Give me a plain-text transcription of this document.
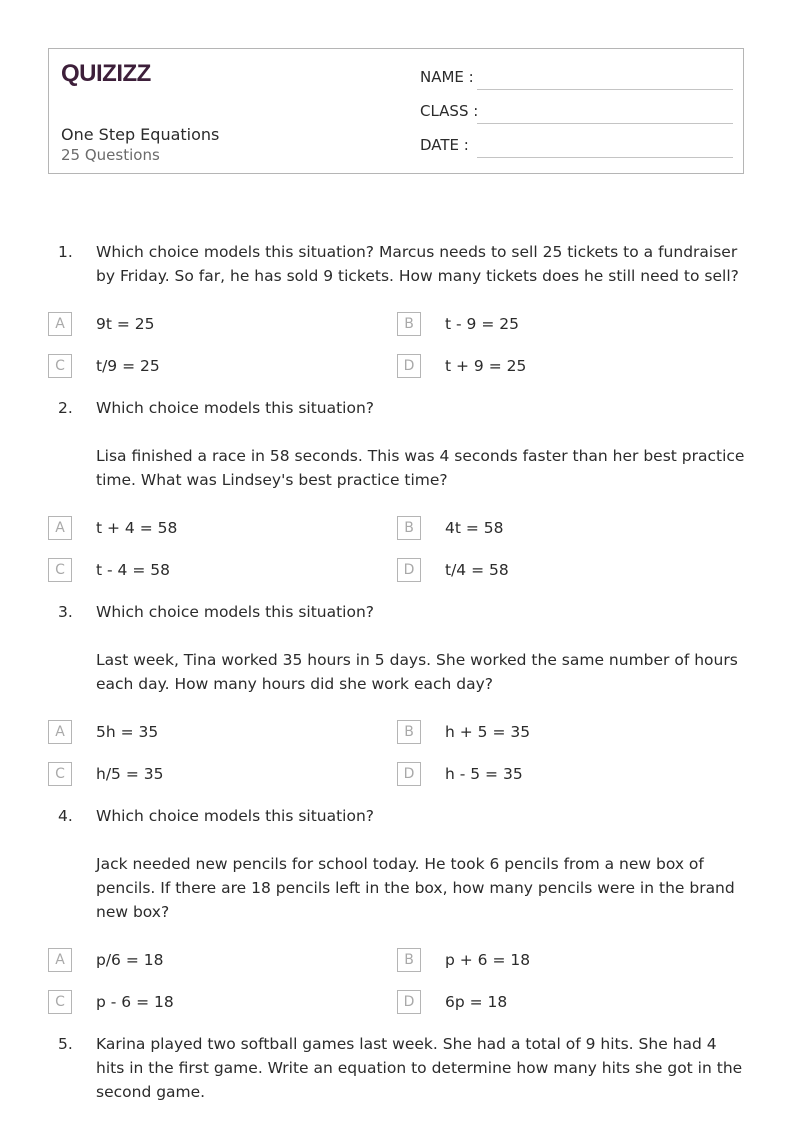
QUIZIZZ
One Step Equations
25 Questions
NAME :
CLASS :
DATE :
1. Which choice models this situation? Marcus needs to sell 25 tickets to a fundraiser by Friday. So far, he has sold 9 tickets. How many tickets does he still need to sell?

A	9t = 25	B	t - 9 = 25
C	t/9 = 25	D	t + 9 = 25
2. Which choice models this situation?

Lisa finished a race in 58 seconds. This was 4 seconds faster than her best practice time. What was Lindsey's best practice time?

A	t + 4 = 58	B	4t = 58
C	t - 4 = 58	D	t/4 = 58
3. Which choice models this situation?

Last week, Tina worked 35 hours in 5 days. She worked the same number of hours each day. How many hours did she work each day?

A	5h = 35	B	h + 5 = 35
C	h/5 = 35	D	h - 5 = 35
4. Which choice models this situation?

Jack needed new pencils for school today. He took 6 pencils from a new box of pencils. If there are 18 pencils left in the box, how many pencils were in the brand new box?

A	p/6 = 18	B	p + 6 = 18
C	p - 6 = 18	D	6p = 18
5. Karina played two softball games last week. She had a total of 9 hits. She had 4 hits in the first game. Write an equation to determine how many hits she got in the second game.
